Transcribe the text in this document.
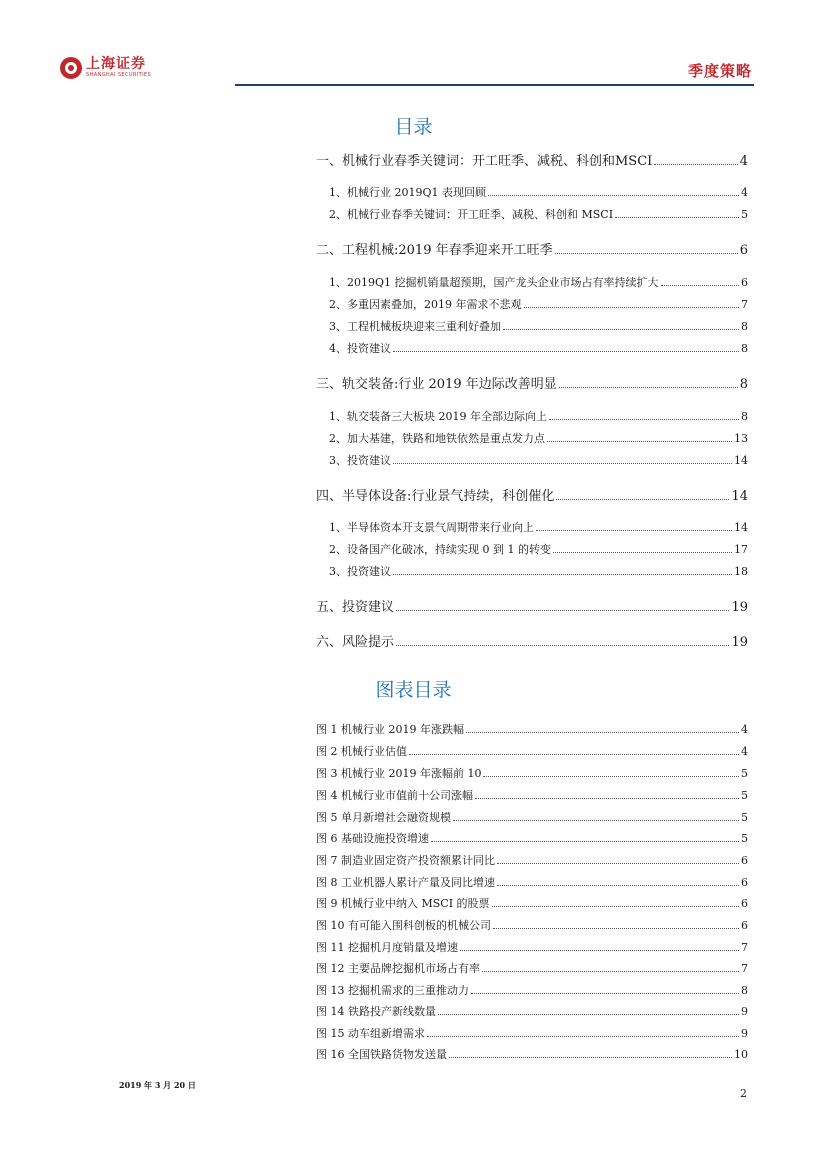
上海证券
SHANGHAI SECURITIES	季度策略
目录
一、机械行业春季关键词：开工旺季、减税、科创和MSCI	4
1、机械行业 2019Q1 表现回顾	4
2、机械行业春季关键词：开工旺季、减税、科创和 MSCI	5
二、工程机械:2019 年春季迎来开工旺季	6
1、2019Q1 挖掘机销量超预期，国产龙头企业市场占有率持续扩大	6
2、多重因素叠加，2019 年需求不悲观	7
3、工程机械板块迎来三重利好叠加	8
4、投资建议	8
三、轨交装备:行业 2019 年边际改善明显	8
1、轨交装备三大板块 2019 年全部边际向上	8
2、加大基建，铁路和地铁依然是重点发力点	13
3、投资建议	14
四、半导体设备:行业景气持续，科创催化	14
1、半导体资本开支景气周期带来行业向上	14
2、设备国产化破冰，持续实现 0 到 1 的转变	17
3、投资建议	18
五、投资建议	19
六、风险提示	19
图表目录
图 1 机械行业 2019 年涨跌幅	4
图 2 机械行业估值	4
图 3 机械行业 2019 年涨幅前 10	5
图 4 机械行业市值前十公司涨幅	5
图 5 单月新增社会融资规模	5
图 6 基础设施投资增速	5
图 7 制造业固定资产投资额累计同比	6
图 8 工业机器人累计产量及同比增速	6
图 9 机械行业中纳入 MSCI 的股票	6
图 10 有可能入围科创板的机械公司	6
图 11 挖掘机月度销量及增速	7
图 12 主要品牌挖掘机市场占有率	7
图 13 挖掘机需求的三重推动力	8
图 14 铁路投产新线数量	9
图 15 动车组新增需求	9
图 16 全国铁路货物发送量	10
2019 年 3 月 20 日
2
